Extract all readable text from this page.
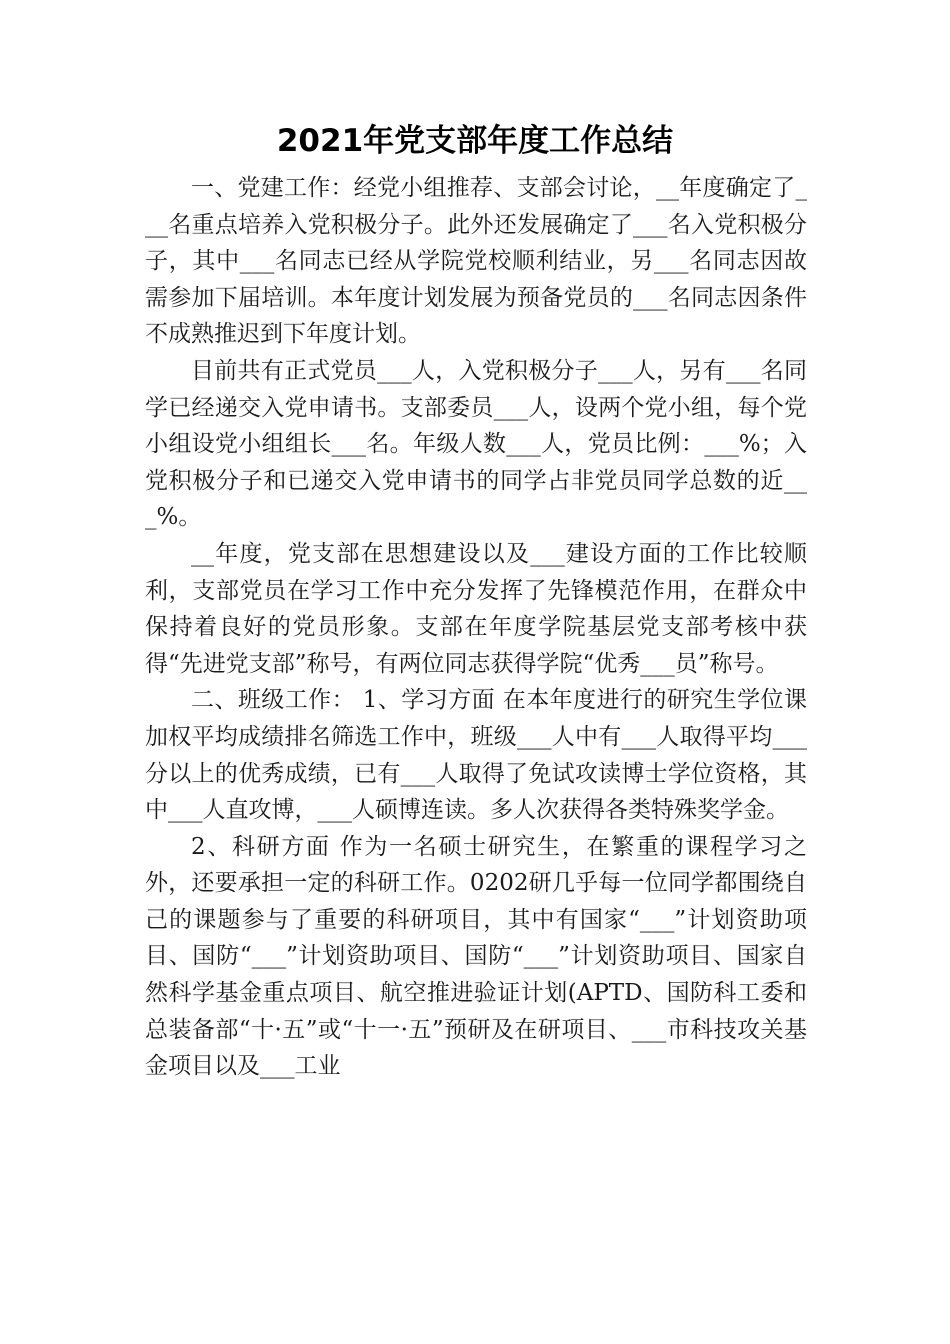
2021年党支部年度工作总结

一、党建工作：经党小组推荐、支部会讨论，__年度确定了___名重点培养入党积极分子。此外还发展确定了___名入党积极分子，其中___名同志已经从学院党校顺利结业，另___名同志因故需参加下届培训。本年度计划发展为预备党员的___名同志因条件不成熟推迟到下年度计划。

目前共有正式党员___人，入党积极分子___人，另有___名同学已经递交入党申请书。支部委员___人，设两个党小组，每个党小组设党小组组长___名。年级人数___人，党员比例：___%；入党积极分子和已递交入党申请书的同学占非党员同学总数的近___%。

__年度，党支部在思想建设以及___建设方面的工作比较顺利，支部党员在学习工作中充分发挥了先锋模范作用，在群众中保持着良好的党员形象。支部在年度学院基层党支部考核中获得“先进党支部”称号，有两位同志获得学院“优秀___员”称号。

二、班级工作： 1、学习方面 在本年度进行的研究生学位课加权平均成绩排名筛选工作中，班级___人中有___人取得平均___分以上的优秀成绩，已有___人取得了免试攻读博士学位资格，其中___人直攻博，___人硕博连读。多人次获得各类特殊奖学金。

2、科研方面 作为一名硕士研究生，在繁重的课程学习之外，还要承担一定的科研工作。0202研几乎每一位同学都围绕自己的课题参与了重要的科研项目，其中有国家“___”计划资助项目、国防“___”计划资助项目、国防“___”计划资助项目、国家自然科学基金重点项目、航空推进验证计划(APTD、国防科工委和总装备部“十·五”或“十一·五”预研及在研项目、___市科技攻关基金项目以及___工业
